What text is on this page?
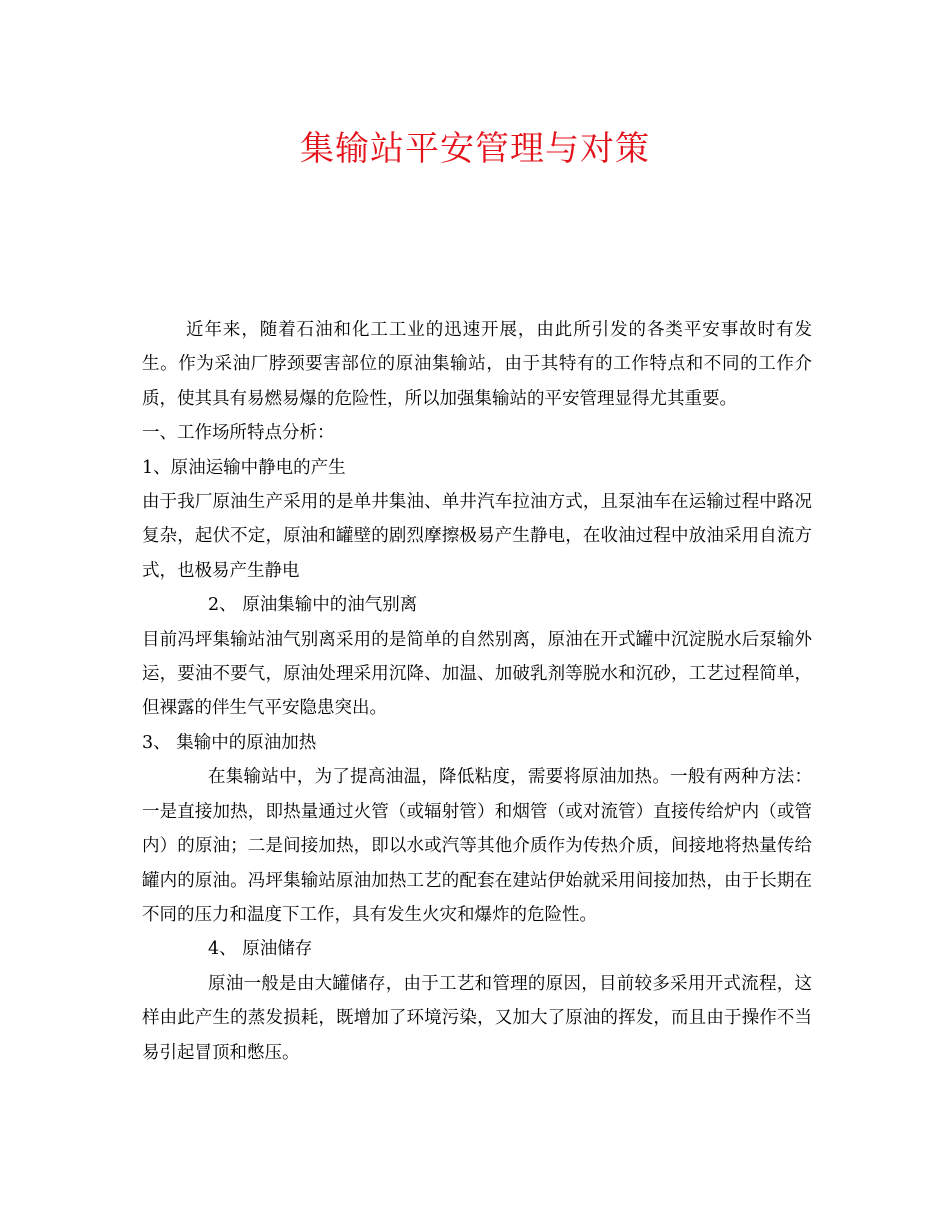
集输站平安管理与对策

近年来，随着石油和化工工业的迅速开展，由此所引发的各类平安事故时有发生。作为采油厂脖颈要害部位的原油集输站，由于其特有的工作特点和不同的工作介质，使其具有易燃易爆的危险性，所以加强集输站的平安管理显得尤其重要。

一、工作场所特点分析：

1、原油运输中静电的产生

由于我厂原油生产采用的是单井集油、单井汽车拉油方式，且泵油车在运输过程中路况复杂，起伏不定，原油和罐壁的剧烈摩擦极易产生静电，在收油过程中放油采用自流方式，也极易产生静电

2、 原油集输中的油气别离

目前冯坪集输站油气别离采用的是简单的自然别离，原油在开式罐中沉淀脱水后泵输外运，要油不要气，原油处理采用沉降、加温、加破乳剂等脱水和沉砂，工艺过程简单，但裸露的伴生气平安隐患突出。

3、 集输中的原油加热

在集输站中，为了提高油温，降低粘度，需要将原油加热。一般有两种方法：一是直接加热，即热量通过火管（或辐射管）和烟管（或对流管）直接传给炉内（或管内）的原油；二是间接加热，即以水或汽等其他介质作为传热介质，间接地将热量传给罐内的原油。冯坪集输站原油加热工艺的配套在建站伊始就采用间接加热，由于长期在不同的压力和温度下工作，具有发生火灾和爆炸的危险性。

4、 原油储存

原油一般是由大罐储存，由于工艺和管理的原因，目前较多采用开式流程，这样由此产生的蒸发损耗，既增加了环境污染，又加大了原油的挥发，而且由于操作不当易引起冒顶和憋压。
